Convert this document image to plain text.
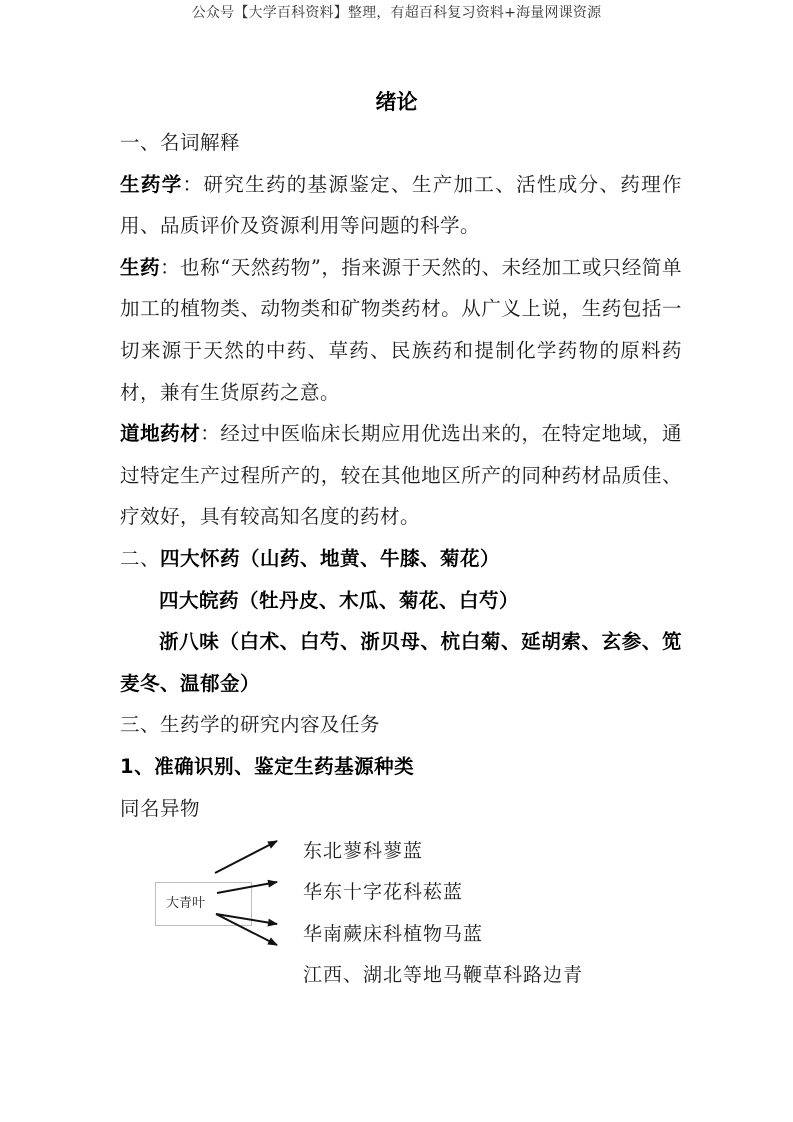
公众号【大学百科资料】整理，有超百科复习资料+海量网课资源
绪论
一、名词解释
生药学：研究生药的基源鉴定、生产加工、活性成分、药理作用、品质评价及资源利用等问题的科学。
生药：也称“天然药物”，指来源于天然的、未经加工或只经简单加工的植物类、动物类和矿物类药材。从广义上说，生药包括一切来源于天然的中药、草药、民族药和提制化学药物的原料药材，兼有生货原药之意。
道地药材：经过中医临床长期应用优选出来的，在特定地域，通过特定生产过程所产的，较在其他地区所产的同种药材品质佳、疗效好，具有较高知名度的药材。
二、四大怀药（山药、地黄、牛膝、菊花）
四大皖药（牡丹皮、木瓜、菊花、白芍）
浙八味（白术、白芍、浙贝母、杭白菊、延胡索、玄参、笕麦冬、温郁金）
三、生药学的研究内容及任务
1、准确识别、鉴定生药基源种类
同名异物
大青叶
东北蓼科蓼蓝
华东十字花科菘蓝
华南蕨床科植物马蓝
江西、湖北等地马鞭草科路边青
